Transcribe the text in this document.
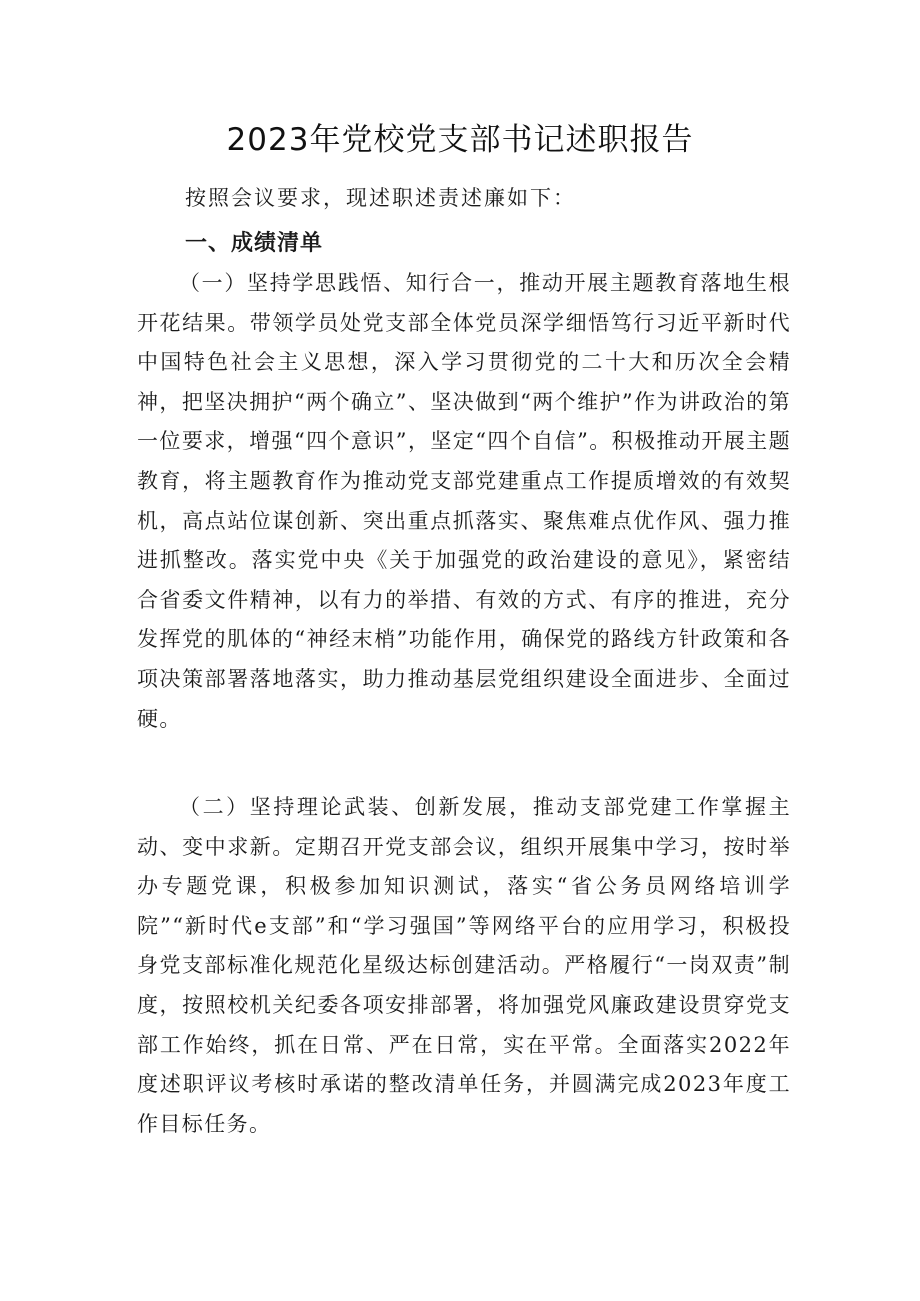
2023年党校党支部书记述职报告

按照会议要求，现述职述责述廉如下：

一、成绩清单

（一）坚持学思践悟、知行合一，推动开展主题教育落地生根开花结果。带领学员处党支部全体党员深学细悟笃行习近平新时代中国特色社会主义思想，深入学习贯彻党的二十大和历次全会精神，把坚决拥护“两个确立”、坚决做到“两个维护”作为讲政治的第一位要求，增强“四个意识”，坚定“四个自信”。积极推动开展主题教育，将主题教育作为推动党支部党建重点工作提质增效的有效契机，高点站位谋创新、突出重点抓落实、聚焦难点优作风、强力推进抓整改。落实党中央《关于加强党的政治建设的意见》，紧密结合省委文件精神，以有力的举措、有效的方式、有序的推进，充分发挥党的肌体的“神经末梢”功能作用，确保党的路线方针政策和各项决策部署落地落实，助力推动基层党组织建设全面进步、全面过硬。

（二）坚持理论武装、创新发展，推动支部党建工作掌握主动、变中求新。定期召开党支部会议，组织开展集中学习，按时举办专题党课，积极参加知识测试，落实“省公务员网络培训学院”“新时代e支部”和“学习强国”等网络平台的应用学习，积极投身党支部标准化规范化星级达标创建活动。严格履行“一岗双责”制度，按照校机关纪委各项安排部署，将加强党风廉政建设贯穿党支部工作始终，抓在日常、严在日常，实在平常。全面落实2022年度述职评议考核时承诺的整改清单任务，并圆满完成2023年度工作目标任务。
